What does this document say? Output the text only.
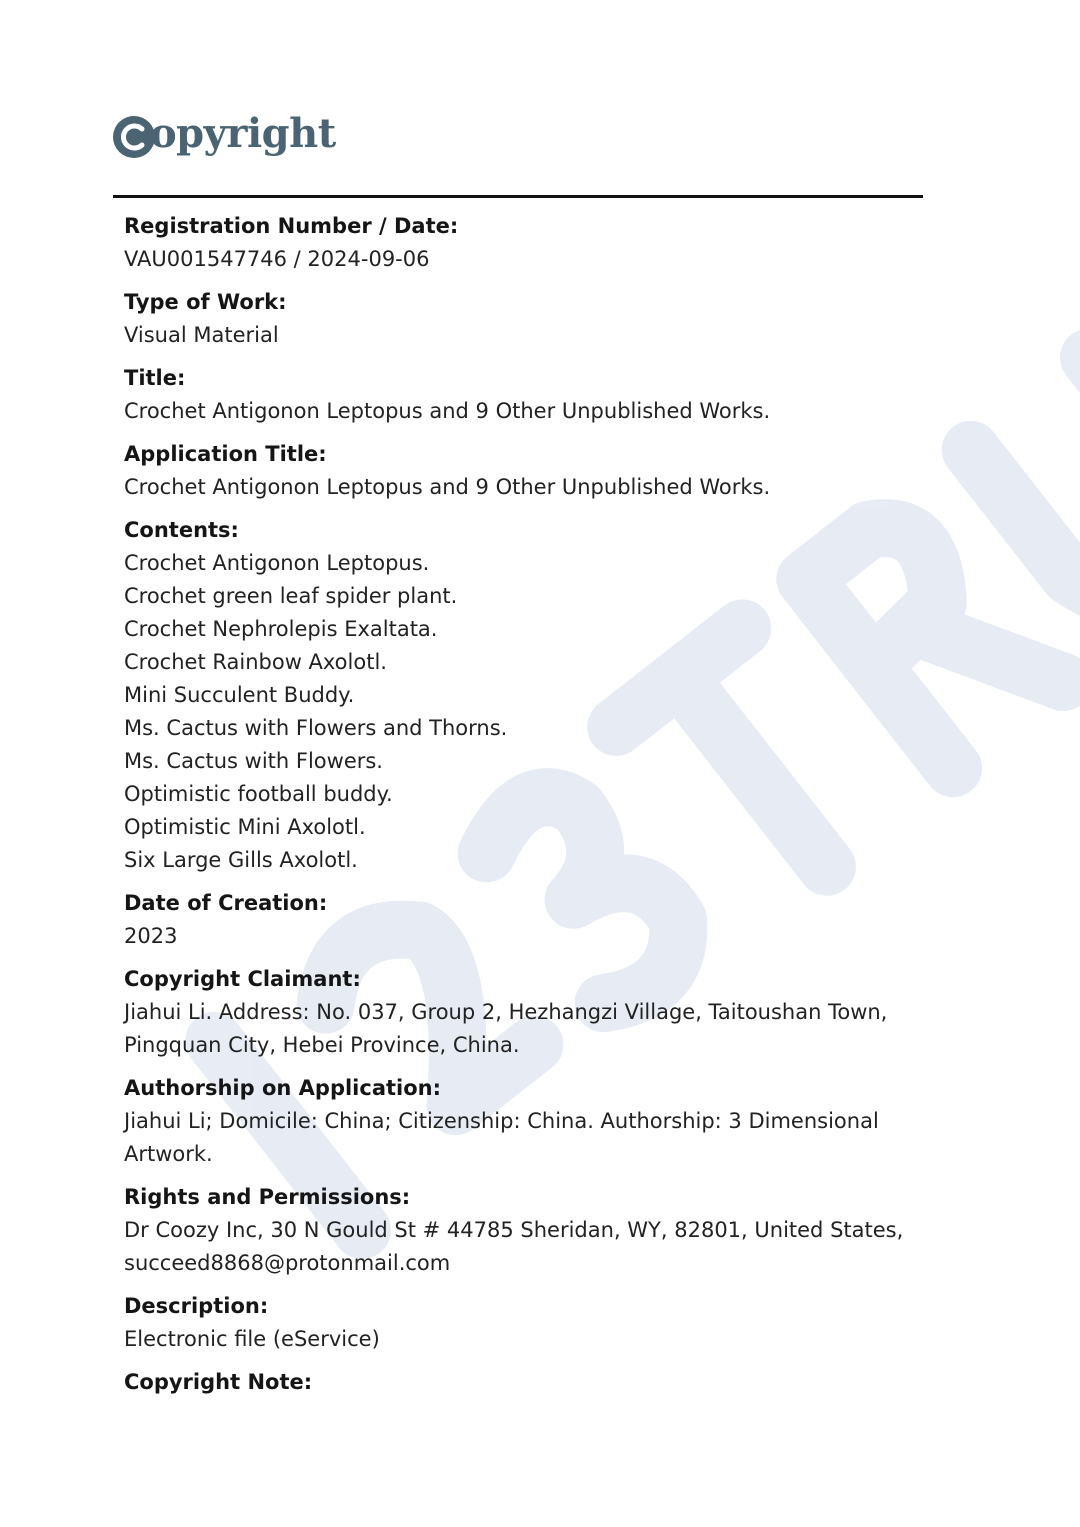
opyright
Registration Number / Date:
VAU001547746 / 2024-09-06
Type of Work:
Visual Material
Title:
Crochet Antigonon Leptopus and 9 Other Unpublished Works.
Application Title:
Crochet Antigonon Leptopus and 9 Other Unpublished Works.
Contents:
Crochet Antigonon Leptopus.
Crochet green leaf spider plant.
Crochet Nephrolepis Exaltata.
Crochet Rainbow Axolotl.
Mini Succulent Buddy.
Ms. Cactus with Flowers and Thorns.
Ms. Cactus with Flowers.
Optimistic football buddy.
Optimistic Mini Axolotl.
Six Large Gills Axolotl.
Date of Creation:
2023
Copyright Claimant:
Jiahui Li. Address: No. 037, Group 2, Hezhangzi Village, Taitoushan Town,
Pingquan City, Hebei Province, China.
Authorship on Application:
Jiahui Li; Domicile: China; Citizenship: China. Authorship: 3 Dimensional
Artwork.
Rights and Permissions:
Dr Coozy Inc, 30 N Gould St # 44785 Sheridan, WY, 82801, United States,
succeed8868@protonmail.com
Description:
Electronic file (eService)
Copyright Note:
